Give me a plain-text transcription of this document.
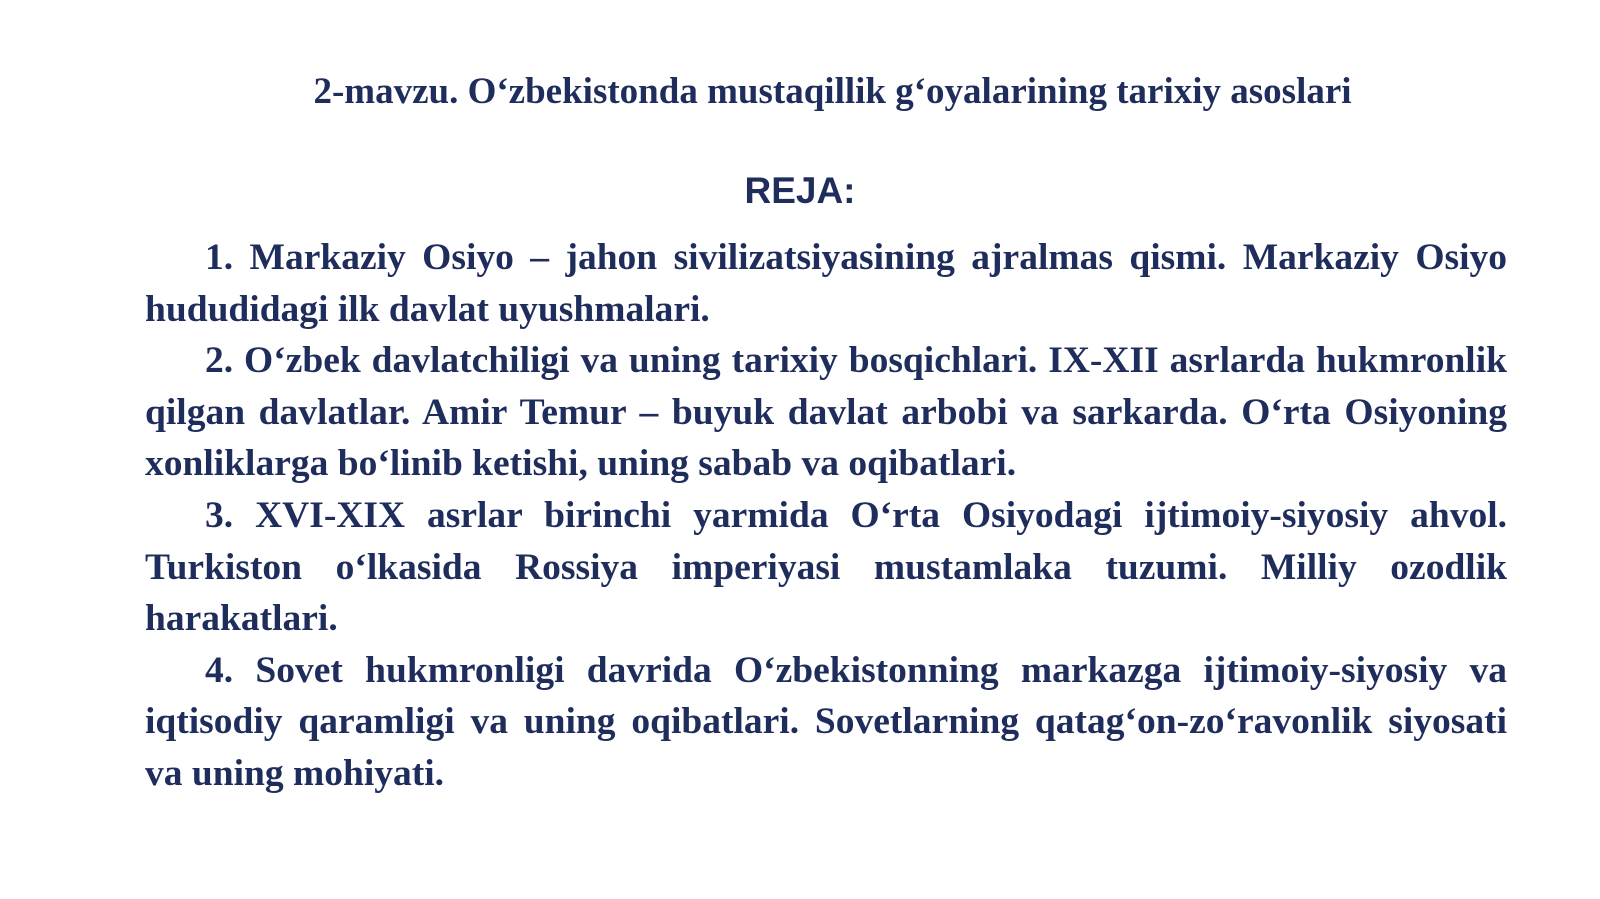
2-mavzu. O‘zbekistonda mustaqillik g‘oyalarining tarixiy asoslari
REJA:
1. Markaziy Osiyo – jahon sivilizatsiyasining ajralmas qismi. Markaziy Osiyo hududidagi ilk davlat uyushmalari.
2. O‘zbek davlatchiligi va uning tarixiy bosqichlari. IX-XII asrlarda hukmronlik qilgan davlatlar. Amir Temur – buyuk davlat arbobi va sarkarda. O‘rta Osiyoning xonliklarga bo‘linib ketishi, uning sabab va oqibatlari.
3. XVI-XIX asrlar birinchi yarmida O‘rta Osiyodagi ijtimoiy-siyosiy ahvol. Turkiston o‘lkasida Rossiya imperiyasi mustamlaka tuzumi. Milliy ozodlik harakatlari.
4. Sovet hukmronligi davrida O‘zbekistonning markazga ijtimoiy-siyosiy va iqtisodiy qaramligi va uning oqibatlari. Sovetlarning qatag‘on-zo‘ravonlik siyosati va uning mohiyati.
